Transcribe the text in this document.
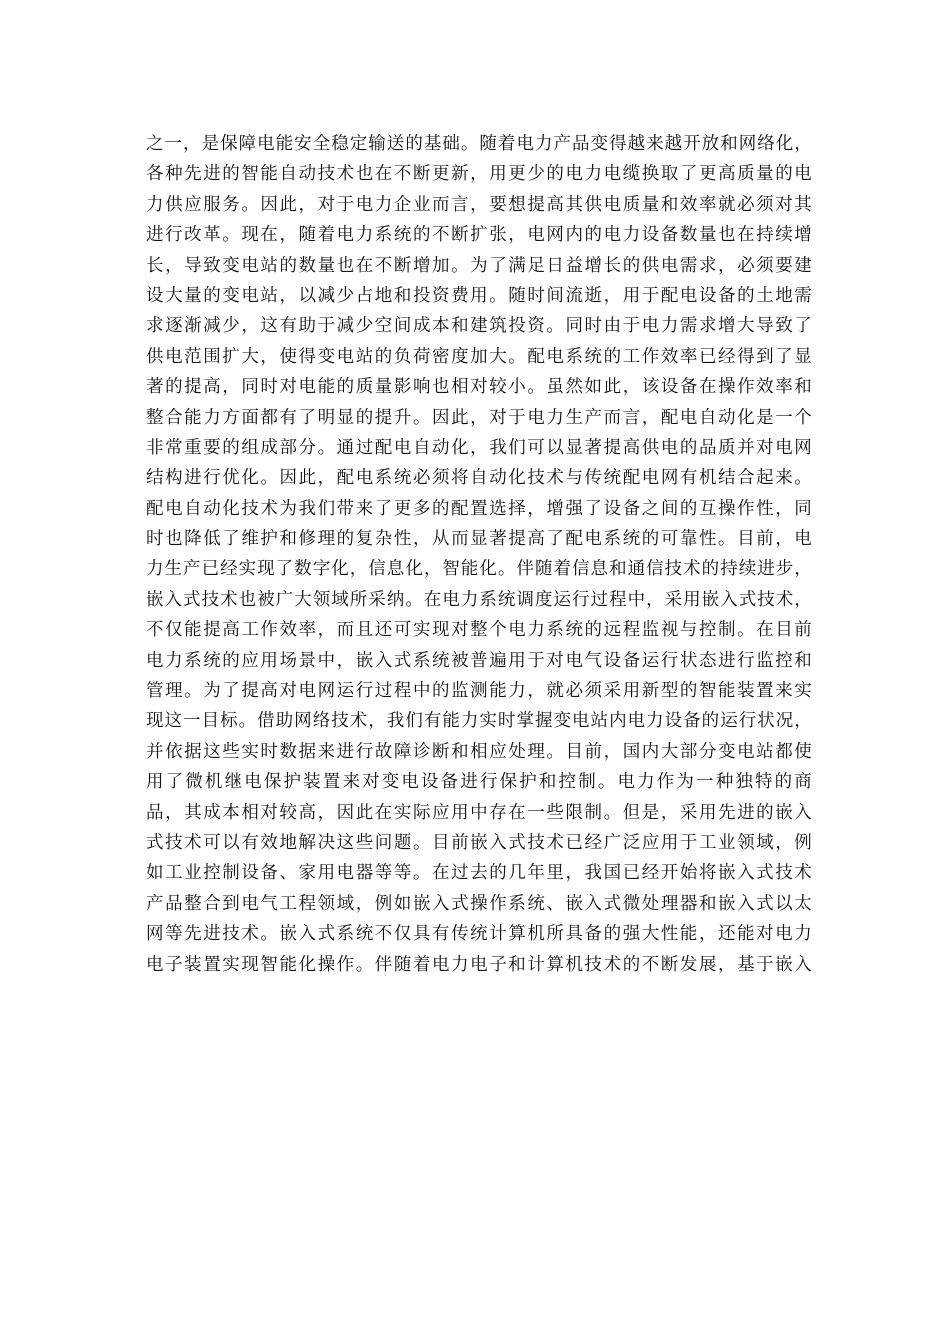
之一，是保障电能安全稳定输送的基础。随着电力产品变得越来越开放和网络化，
各种先进的智能自动技术也在不断更新，用更少的电力电缆换取了更高质量的电
力供应服务。因此，对于电力企业而言，要想提高其供电质量和效率就必须对其
进行改革。现在，随着电力系统的不断扩张，电网内的电力设备数量也在持续增
长，导致变电站的数量也在不断增加。为了满足日益增长的供电需求，必须要建
设大量的变电站，以减少占地和投资费用。随时间流逝，用于配电设备的土地需
求逐渐减少，这有助于减少空间成本和建筑投资。同时由于电力需求增大导致了
供电范围扩大，使得变电站的负荷密度加大。配电系统的工作效率已经得到了显
著的提高，同时对电能的质量影响也相对较小。虽然如此，该设备在操作效率和
整合能力方面都有了明显的提升。因此，对于电力生产而言，配电自动化是一个
非常重要的组成部分。通过配电自动化，我们可以显著提高供电的品质并对电网
结构进行优化。因此，配电系统必须将自动化技术与传统配电网有机结合起来。
配电自动化技术为我们带来了更多的配置选择，增强了设备之间的互操作性，同
时也降低了维护和修理的复杂性，从而显著提高了配电系统的可靠性。目前，电
力生产已经实现了数字化，信息化，智能化。伴随着信息和通信技术的持续进步，
嵌入式技术也被广大领域所采纳。在电力系统调度运行过程中，采用嵌入式技术，
不仅能提高工作效率，而且还可实现对整个电力系统的远程监视与控制。在目前
电力系统的应用场景中，嵌入式系统被普遍用于对电气设备运行状态进行监控和
管理。为了提高对电网运行过程中的监测能力，就必须采用新型的智能装置来实
现这一目标。借助网络技术，我们有能力实时掌握变电站内电力设备的运行状况，
并依据这些实时数据来进行故障诊断和相应处理。目前，国内大部分变电站都使
用了微机继电保护装置来对变电设备进行保护和控制。电力作为一种独特的商
品，其成本相对较高，因此在实际应用中存在一些限制。但是，采用先进的嵌入
式技术可以有效地解决这些问题。目前嵌入式技术已经广泛应用于工业领域，例
如工业控制设备、家用电器等等。在过去的几年里，我国已经开始将嵌入式技术
产品整合到电气工程领域，例如嵌入式操作系统、嵌入式微处理器和嵌入式以太
网等先进技术。嵌入式系统不仅具有传统计算机所具备的强大性能，还能对电力
电子装置实现智能化操作。伴随着电力电子和计算机技术的不断发展，基于嵌入
